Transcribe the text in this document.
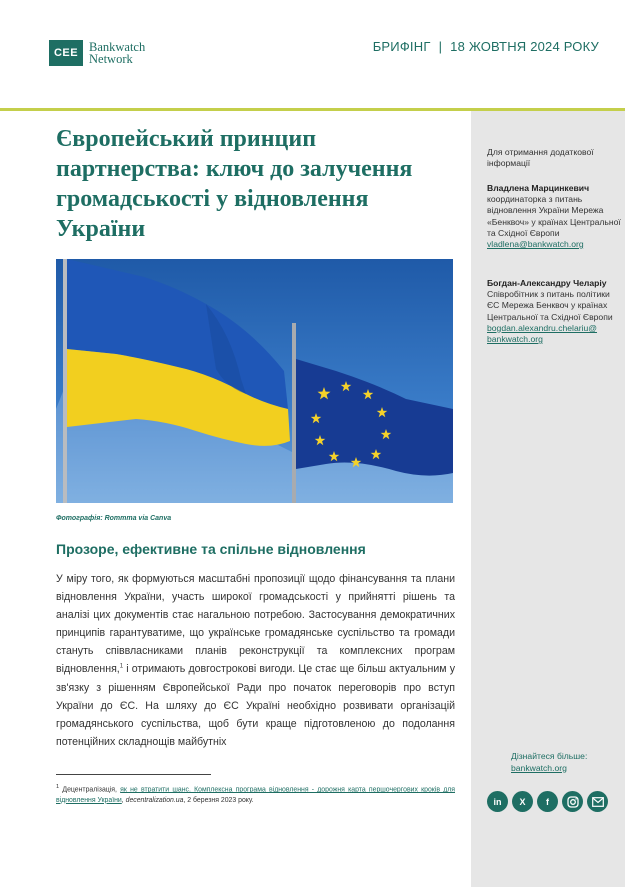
CEE Bankwatch
Network
БРИФІНГ | 18 ЖОВТНЯ 2024 РОКУ
Для отримання додаткової інформації
Владлена Марцинкевич
координаторка з питань відновлення України Мережа «Бенквоч» у країнах Центральної та Східної Європи
vladlena@bankwatch.org
Богдан-Александру Челаріу
Співробітник з питань політики ЄС Мережа Бенквоч у країнах Центральної та Східної Європи
bogdan.alexandru.chelariu@ bankwatch.org
Дізнайтеся більше:
bankwatch.org
in	X	f
Європейський принцип партнерства: ключ до залучення громадськості у відновлення України
Фотографія: Rommma via Canva
Прозоре, ефективне та спільне відновлення

У міру того, як формуються масштабні пропозиції щодо фінансування та плани відновлення України, участь широкої громадськості у прийнятті рішень та аналізі цих документів стає нагальною потребою. Застосування демократичних принципів гарантуватиме, що українське громадянське суспільство та громади стануть співвласниками планів реконструкції та комплексних програм відновлення,$^1$ і отримають довгострокові вигоди. Це стає ще більш актуальним у зв'язку з рішенням Європейської Ради про початок переговорів про вступ України до ЄС. На шляху до ЄС Україні необхідно розвивати організацій громадянського суспільства, щоб бути краще підготовленою до подолання потенційних складнощів майбутніх

$^1$ Децентралізація, як не втратити шанс. Комплексна програма відновлення - дорожня карта першочергових кроків для відновлення України, decentralization.ua, 2 березня 2023 року.
